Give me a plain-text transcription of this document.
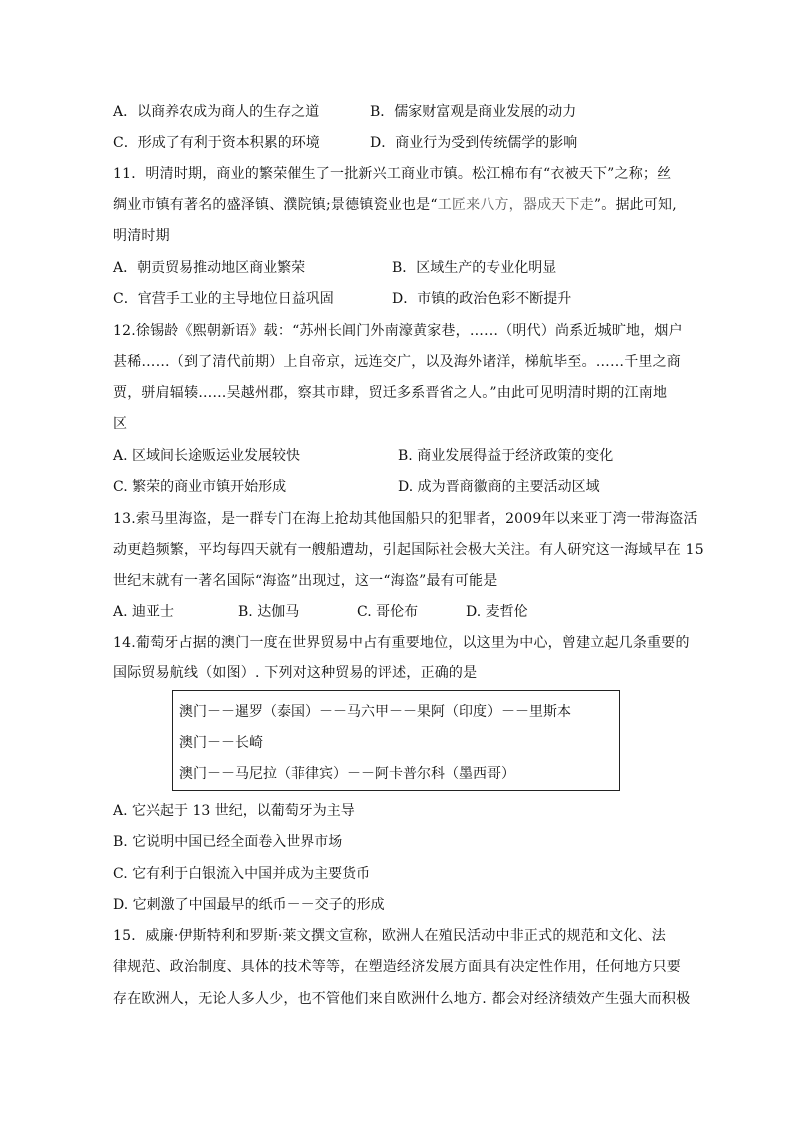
A．以商养农成为商人的生存之道	B．儒家财富观是商业发展的动力
C．形成了有利于资本积累的环境	D．商业行为受到传统儒学的影响
11．明清时期，商业的繁荣催生了一批新兴工商业市镇。松江棉布有“衣被天下”之称；丝
绸业市镇有著名的盛泽镇、濮院镇;景德镇瓷业也是“工匠来八方，器成天下走”。据此可知,
明清时期
A．朝贡贸易推动地区商业繁荣	B．区域生产的专业化明显
C．官营手工业的主导地位日益巩固	D．市镇的政治色彩不断提升
12.徐锡龄《熙朝新语》载：“苏州长阊门外南濠黄家巷，……（明代）尚系近城旷地，烟户
甚稀……（到了清代前期）上自帝京，远连交广，以及海外诸洋，梯航毕至。……千里之商
贾，骈肩辐辏……吴越州郡，察其市肆，贸迁多系晋省之人。”由此可见明清时期的江南地
区
A. 区域间长途贩运业发展较快	B. 商业发展得益于经济政策的变化
C. 繁荣的商业市镇开始形成	D. 成为晋商徽商的主要活动区域
13.索马里海盗，是一群专门在海上抢劫其他国船只的犯罪者，2009年以来亚丁湾一带海盗活
动更趋频繁，平均每四天就有一艘船遭劫，引起国际社会极大关注。有人研究这一海域早在 15
世纪末就有一著名国际“海盗”出现过，这一“海盗”最有可能是
A. 迪亚士	B. 达伽马	C. 哥伦布	D. 麦哲伦
14.葡萄牙占据的澳门一度在世界贸易中占有重要地位，以这里为中心，曾建立起几条重要的
国际贸易航线（如图）. 下列对这种贸易的评述，正确的是
澳门－－暹罗（泰国）－－马六甲－－果阿（印度）－－里斯本
澳门－－长崎
澳门－－马尼拉（菲律宾）－－阿卡普尔科（墨西哥）
A. 它兴起于 13 世纪，以葡萄牙为主导
B. 它说明中国已经全面卷入世界市场
C. 它有利于白银流入中国并成为主要货币
D. 它刺激了中国最早的纸币－－交子的形成
15．威廉·伊斯特利和罗斯·莱文撰文宣称，欧洲人在殖民活动中非正式的规范和文化、法
律规范、政治制度、具体的技术等等，在塑造经济发展方面具有决定性作用，任何地方只要
存在欧洲人，无论人多人少，也不管他们来自欧洲什么地方. 都会对经济绩效产生强大而积极
